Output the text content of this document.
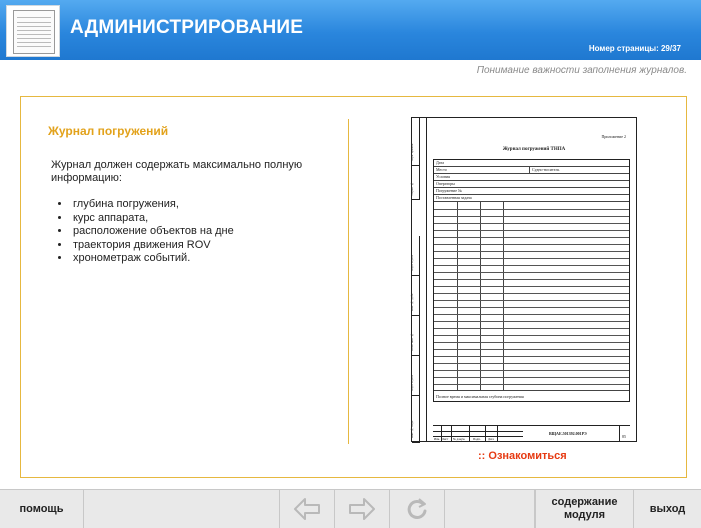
АДМИНИСТРИРОВАНИЕ
Номер страницы: 29/37
Понимание важности заполнения журналов.
Журнал погружений
Журнал должен содержать максимально полную информацию:
• глубина погружения,
• курс аппарата,
• расположение объектов на дне
• траектория движения ROV
• хронометраж событий.
Перв. примен.
Справ. №
Подп. и дата
Инв. № дубл.
Взам. инв. №
Подп. и дата
Инв. № подл.
Приложение 2
Журнал погружений ТНПА
Дата
Место	Судно-носитель
Условия
Операторы
Погружение №
Поставленная задача
Полное время и максимальная глубина погружения
Изм. Лист № докум.	Подп.	Дата
ВЩАЕ.501392.001РЭ
85
:: Ознакомиться
помощь
содержание модуля
выход
